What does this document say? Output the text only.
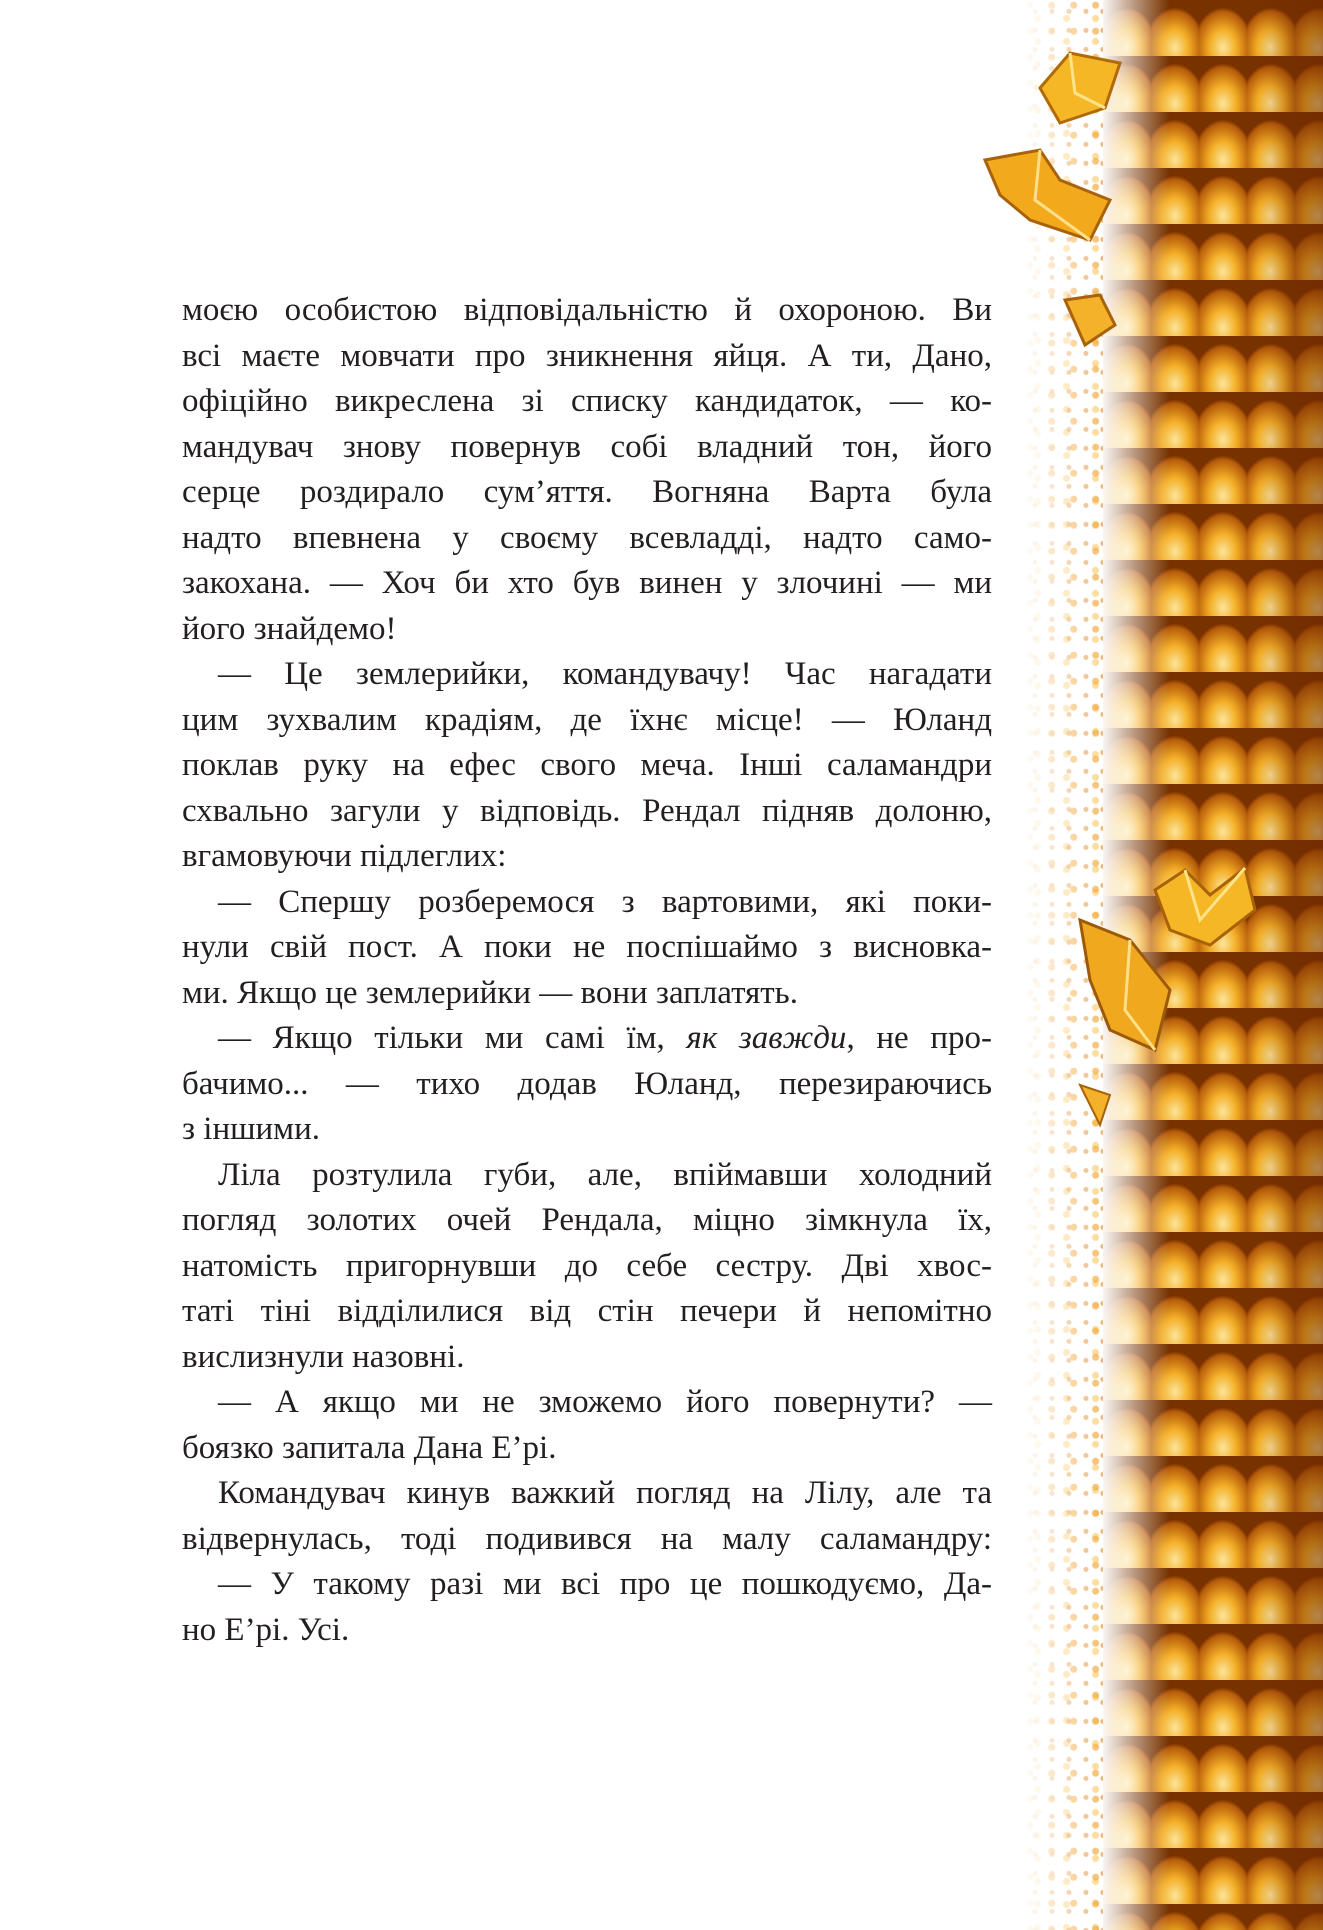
моєю особистою відповідальністю й охороною. Ви
всі маєте мовчати про зникнення яйця. А ти, Дано,
офіційно викреслена зі списку кандидаток, — ко-
мандувач знову повернув собі владний тон, його
серце роздирало сум’яття. Вогняна Варта була
надто впевнена у своєму всевладді, надто само-
закохана. — Хоч би хто був винен у злочині — ми
його знайдемо!
— Це землерийки, командувачу! Час нагадати
цим зухвалим крадіям, де їхнє місце! — Юланд
поклав руку на ефес свого меча. Інші саламандри
схвально загули у відповідь. Рендал підняв долоню,
вгамовуючи підлеглих:
— Спершу розберемося з вартовими, які поки-
нули свій пост. А поки не поспішаймо з висновка-
ми. Якщо це землерийки — вони заплатять.
— Якщо тільки ми самі їм, як завжди, не про-
бачимо... — тихо додав Юланд, перезираючись
з іншими.
Ліла розтулила губи, але, впіймавши холодний
погляд золотих очей Рендала, міцно зімкнула їх,
натомість пригорнувши до себе сестру. Дві хвос-
таті тіні відділилися від стін печери й непомітно
вислизнули назовні.
— А якщо ми не зможемо його повернути? —
боязко запитала Дана Е’рі.
Командувач кинув важкий погляд на Лілу, але та
відвернулась, тоді подивився на малу саламандру:
— У такому разі ми всі про це пошкодуємо, Да-
но Е’рі. Усі.
